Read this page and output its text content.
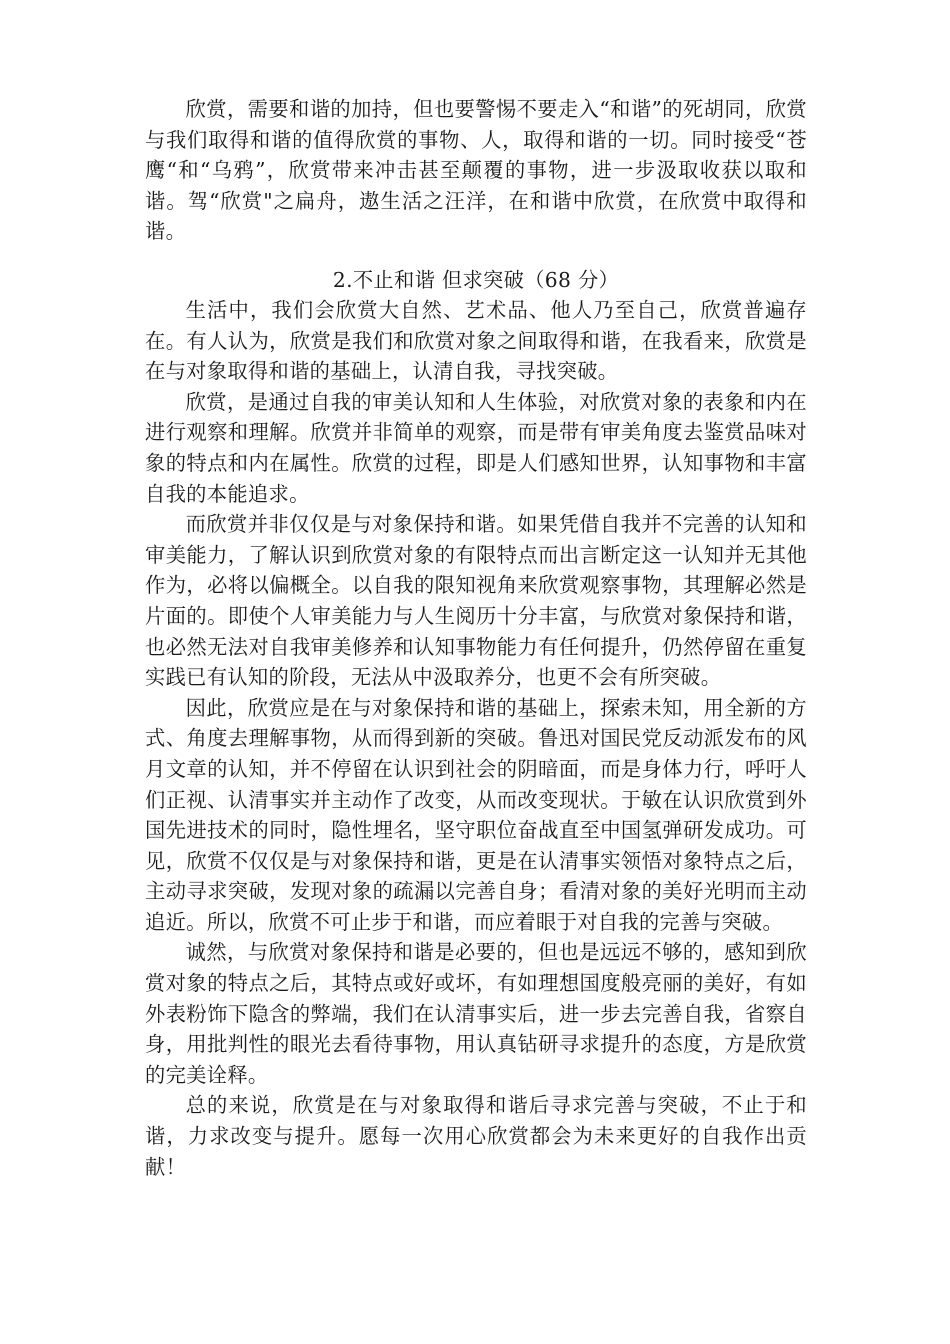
欣赏，需要和谐的加持，但也要警惕不要走入“和谐”的死胡同，欣赏与我们取得和谐的值得欣赏的事物、人，取得和谐的一切。同时接受“苍鹰“和“乌鸦”，欣赏带来冲击甚至颠覆的事物，进一步汲取收获以取和谐。驾“欣赏"之扁舟，遨生活之汪洋，在和谐中欣赏，在欣赏中取得和谐。

2.不止和谐 但求突破（68 分）

生活中，我们会欣赏大自然、艺术品、他人乃至自己，欣赏普遍存在。有人认为，欣赏是我们和欣赏对象之间取得和谐，在我看来，欣赏是在与对象取得和谐的基础上，认清自我，寻找突破。

欣赏，是通过自我的审美认知和人生体验，对欣赏对象的表象和内在进行观察和理解。欣赏并非简单的观察，而是带有审美角度去鉴赏品味对象的特点和内在属性。欣赏的过程，即是人们感知世界，认知事物和丰富自我的本能追求。

而欣赏并非仅仅是与对象保持和谐。如果凭借自我并不完善的认知和审美能力，了解认识到欣赏对象的有限特点而出言断定这一认知并无其他作为，必将以偏概全。以自我的限知视角来欣赏观察事物，其理解必然是片面的。即使个人审美能力与人生阅历十分丰富，与欣赏对象保持和谐，也必然无法对自我审美修养和认知事物能力有任何提升，仍然停留在重复实践已有认知的阶段，无法从中汲取养分，也更不会有所突破。

因此，欣赏应是在与对象保持和谐的基础上，探索未知，用全新的方式、角度去理解事物，从而得到新的突破。鲁迅对国民党反动派发布的风月文章的认知，并不停留在认识到社会的阴暗面，而是身体力行，呼吁人们正视、认清事实并主动作了改变，从而改变现状。于敏在认识欣赏到外国先进技术的同时，隐性埋名，坚守职位奋战直至中国氢弹研发成功。可见，欣赏不仅仅是与对象保持和谐，更是在认清事实领悟对象特点之后，主动寻求突破，发现对象的疏漏以完善自身；看清对象的美好光明而主动追近。所以，欣赏不可止步于和谐，而应着眼于对自我的完善与突破。

诚然，与欣赏对象保持和谐是必要的，但也是远远不够的，感知到欣赏对象的特点之后，其特点或好或坏，有如理想国度般亮丽的美好，有如外表粉饰下隐含的弊端，我们在认清事实后，进一步去完善自我，省察自身，用批判性的眼光去看待事物，用认真钻研寻求提升的态度，方是欣赏的完美诠释。

总的来说，欣赏是在与对象取得和谐后寻求完善与突破，不止于和谐，力求改变与提升。愿每一次用心欣赏都会为未来更好的自我作出贡献！
